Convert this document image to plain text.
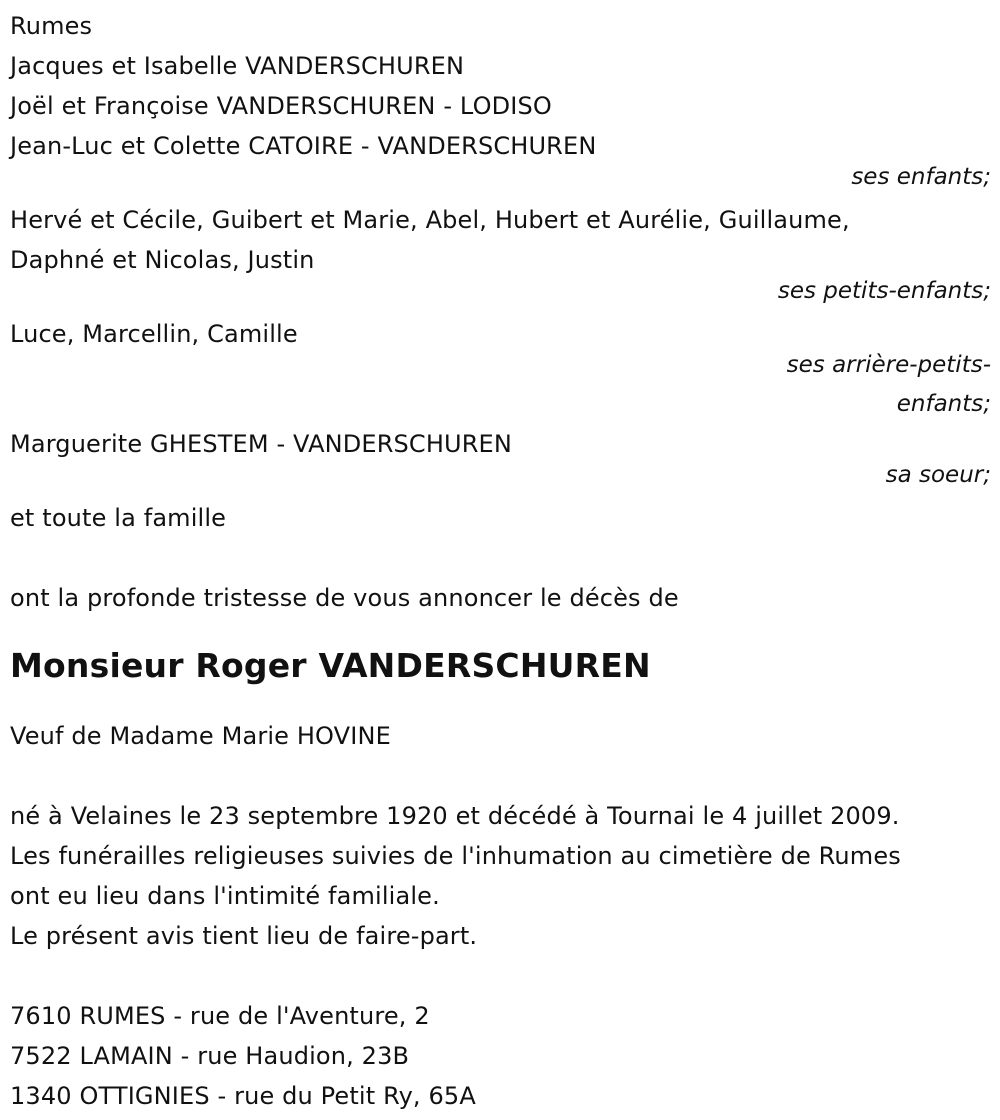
Rumes
Jacques et Isabelle VANDERSCHUREN
Joël et Françoise VANDERSCHUREN - LODISO
Jean-Luc et Colette CATOIRE - VANDERSCHUREN
ses enfants;
Hervé et Cécile, Guibert et Marie, Abel, Hubert et Aurélie, Guillaume,
Daphné et Nicolas, Justin
ses petits-enfants;
Luce, Marcellin, Camille
ses arrière-petits-
enfants;
Marguerite GHESTEM - VANDERSCHUREN
sa soeur;
et toute la famille
ont la profonde tristesse de vous annoncer le décès de
Monsieur Roger VANDERSCHUREN
Veuf de Madame Marie HOVINE
né à Velaines le 23 septembre 1920 et décédé à Tournai le 4 juillet 2009.
Les funérailles religieuses suivies de l'inhumation au cimetière de Rumes
ont eu lieu dans l'intimité familiale.
Le présent avis tient lieu de faire-part.
7610 RUMES - rue de l'Aventure, 2
7522 LAMAIN - rue Haudion, 23B
1340 OTTIGNIES - rue du Petit Ry, 65A
